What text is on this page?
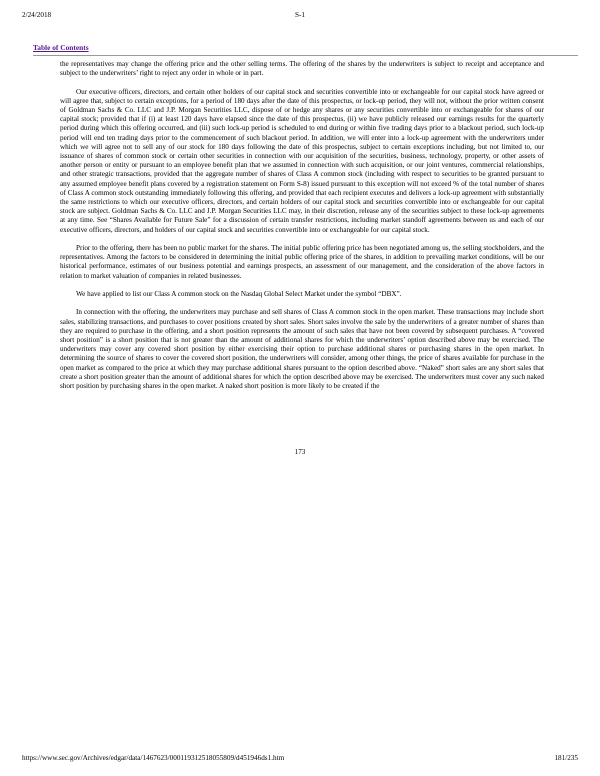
2/24/2018	S-1
Table of Contents

the representatives may change the offering price and the other selling terms. The offering of the shares by the underwriters is subject to receipt and acceptance and subject to the underwriters’ right to reject any order in whole or in part.

Our executive officers, directors, and certain other holders of our capital stock and securities convertible into or exchangeable for our capital stock have agreed or will agree that, subject to certain exceptions, for a period of 180 days after the date of this prospectus, or lock-up period, they will not, without the prior written consent of Goldman Sachs & Co. LLC and J.P. Morgan Securities LLC, dispose of or hedge any shares or any securities convertible into or exchangeable for shares of our capital stock; provided that if (i) at least 120 days have elapsed since the date of this prospectus, (ii) we have publicly released our earnings results for the quarterly period during which this offering occurred, and (iii) such lock-up period is scheduled to end during or within five trading days prior to a blackout period, such lock-up period will end ten trading days prior to the commencement of such blackout period. In addition, we will enter into a lock-up agreement with the underwriters under which we will agree not to sell any of our stock for 180 days following the date of this prospectus, subject to certain exceptions including, but not limited to, our issuance of shares of common stock or certain other securities in connection with our acquisition of the securities, business, technology, property, or other assets of another person or entity or pursuant to an employee benefit plan that we assumed in connection with such acquisition, or our joint ventures, commercial relationships, and other strategic transactions, provided that the aggregate number of shares of Class A common stock (including with respect to securities to be granted pursuant to any assumed employee benefit plans covered by a registration statement on Form S-8) issued pursuant to this exception will not exceed % of the total number of shares of Class A common stock outstanding immediately following this offering, and provided that each recipient executes and delivers a lock-up agreement with substantially the same restrictions to which our executive officers, directors, and certain holders of our capital stock and securities convertible into or exchangeable for our capital stock are subject. Goldman Sachs & Co. LLC and J.P. Morgan Securities LLC may, in their discretion, release any of the securities subject to these lock-up agreements at any time. See “Shares Available for Future Sale” for a discussion of certain transfer restrictions, including market standoff agreements between us and each of our executive officers, directors, and holders of our capital stock and securities convertible into or exchangeable for our capital stock.

Prior to the offering, there has been no public market for the shares. The initial public offering price has been negotiated among us, the selling stockholders, and the representatives. Among the factors to be considered in determining the initial public offering price of the shares, in addition to prevailing market conditions, will be our historical performance, estimates of our business potential and earnings prospects, an assessment of our management, and the consideration of the above factors in relation to market valuation of companies in related businesses.

We have applied to list our Class A common stock on the Nasdaq Global Select Market under the symbol “DBX”.

In connection with the offering, the underwriters may purchase and sell shares of Class A common stock in the open market. These transactions may include short sales, stabilizing transactions, and purchases to cover positions created by short sales. Short sales involve the sale by the underwriters of a greater number of shares than they are required to purchase in the offering, and a short position represents the amount of such sales that have not been covered by subsequent purchases. A “covered short position” is a short position that is not greater than the amount of additional shares for which the underwriters’ option described above may be exercised. The underwriters may cover any covered short position by either exercising their option to purchase additional shares or purchasing shares in the open market. In determining the source of shares to cover the covered short position, the underwriters will consider, among other things, the price of shares available for purchase in the open market as compared to the price at which they may purchase additional shares pursuant to the option described above. “Naked” short sales are any short sales that create a short position greater than the amount of additional shares for which the option described above may be exercised. The underwriters must cover any such naked short position by purchasing shares in the open market. A naked short position is more likely to be created if the

173
https://www.sec.gov/Archives/edgar/data/1467623/000119312518055809/d451946ds1.htm	181/235
